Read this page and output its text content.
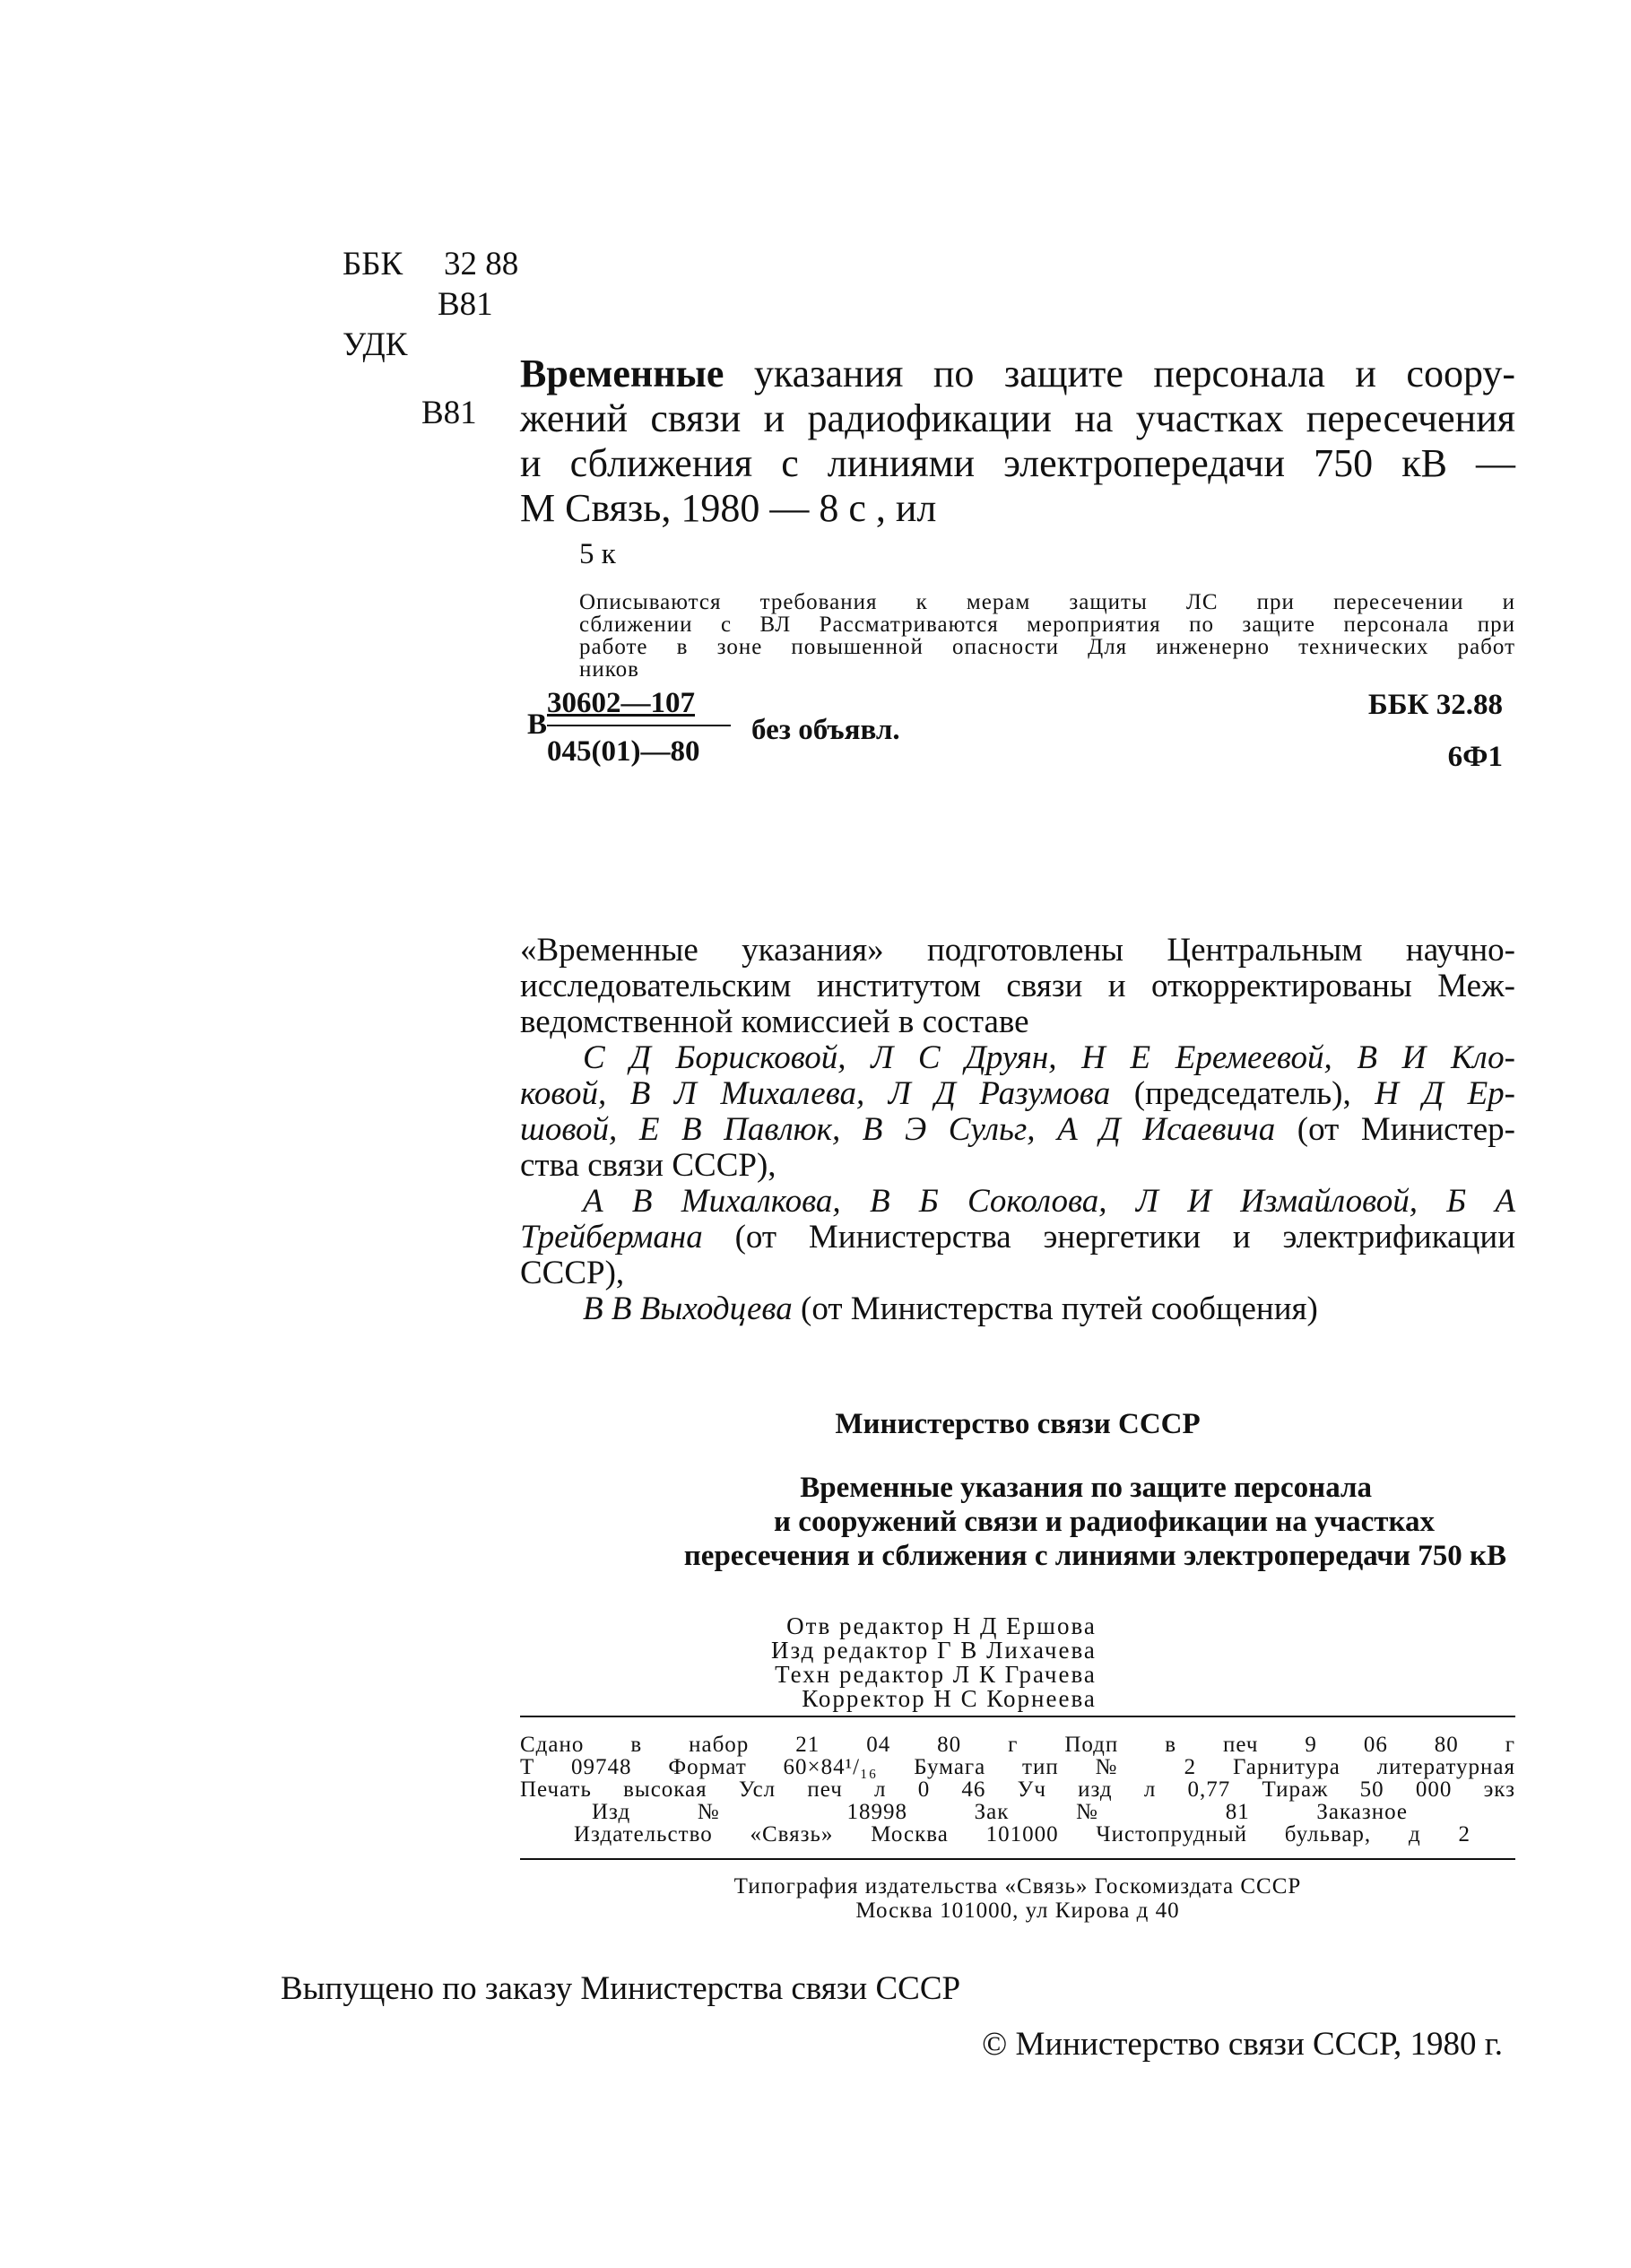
ББК 32 88
В81
УДК
В81
Временные указания по защите персонала и соору-
жений связи и радиофикации на участках пересечения
и сближения с линиями электропередачи 750 кВ —
М Связь, 1980 — 8 с , ил
5 к
Описываются требования к мерам защиты ЛС при пересечении и
сближении с ВЛ Рассматриваются мероприятия по защите персонала при
работе в зоне повышенной опасности Для инженерно технических работ
ников
В
30602—107
045(01)—80
без объявл.
ББК 32.88
6Ф1
«Временные указания» подготовлены Центральным научно-
исследовательским институтом связи и откорректированы Меж-
ведомственной комиссией в составе
С Д Борисковой, Л С Друян, Н Е Еремеевой, В И Кло-
ковой, В Л Михалева, Л Д Разумова (председатель), Н Д Ер-
шовой, Е В Павлюк, В Э Сульг, А Д Исаевича (от Министер-
ства связи СССР),
А В Михалкова, В Б Соколова, Л И Измайловой, Б А
Трейбермана (от Министерства энергетики и электрификации
СССР),
В В Выходцева (от Министерства путей сообщения)
Министерство связи СССР
Временные указания по защите персонала
и сооружений связи и радиофикации на участках
пересечения и сближения с линиями электропередачи 750 кВ
Отв редактор Н Д Ершова
Изд редактор Г В Лихачева
Техн редактор Л К Грачева
Корректор Н С Корнеева
Сдано в набор 21 04 80 г Подп в печ 9 06 80 г
Т 09748 Формат 60×84¹/₁₆ Бумага тип № 2 Гарнитура литературная
Печать высокая Усл печ л 0 46 Уч изд л 0,77 Тираж 50 000 экз
Изд № 18998	Зак № 81	Заказное
Издательство «Связь» Москва 101000 Чистопрудный бульвар, д 2
Типография издательства «Связь» Госкомиздата СССР
Москва 101000, ул Кирова д 40
Выпущено по заказу Министерства связи СССР
© Министерство связи СССР, 1980 г.
